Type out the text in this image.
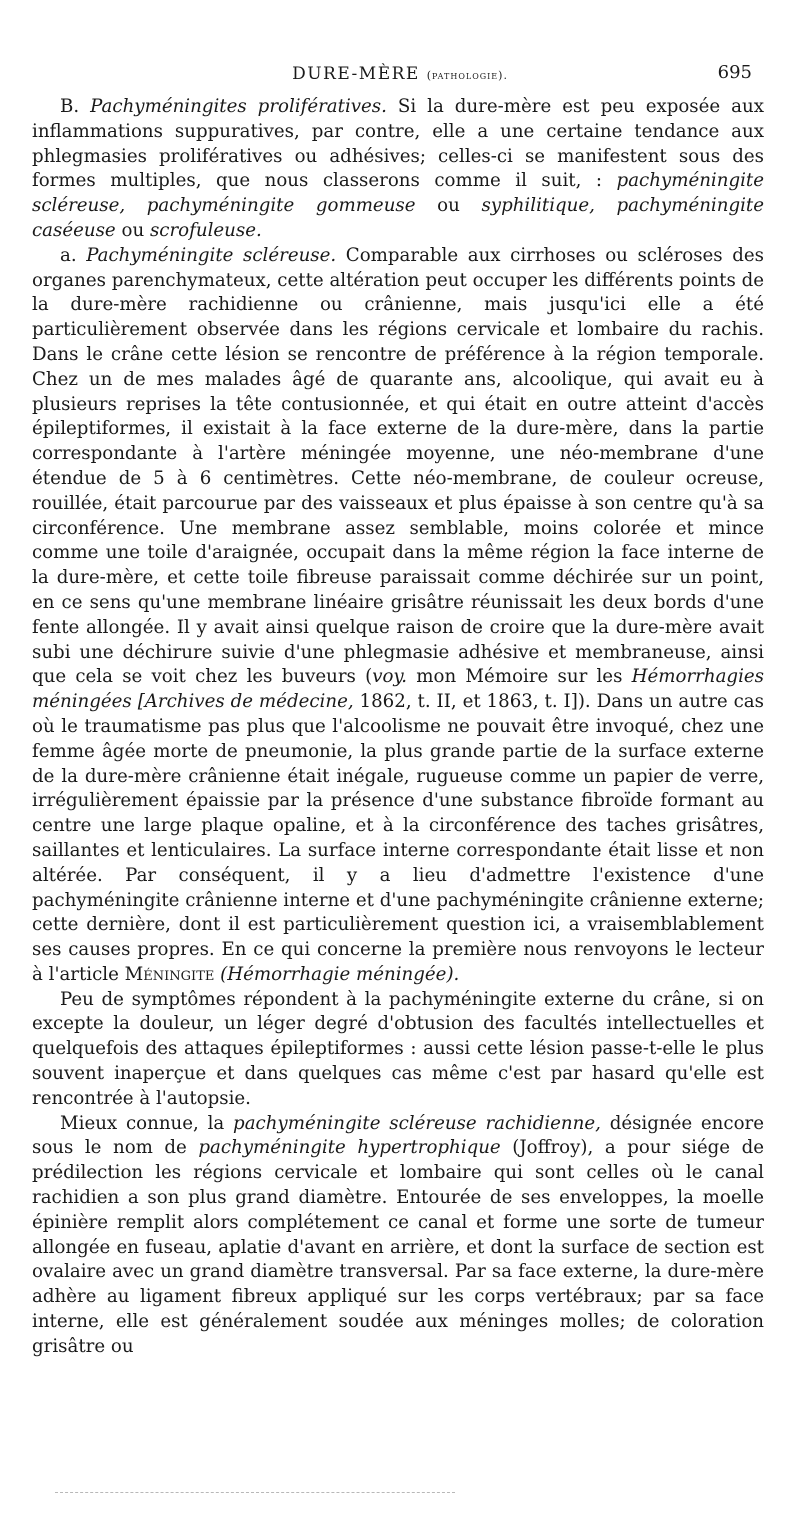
DURE-MÈRE (pathologie).	695

B. Pachyméningites prolifératives. Si la dure-mère est peu exposée aux inflammations suppuratives, par contre, elle a une certaine tendance aux phlegmasies prolifératives ou adhésives; celles-ci se manifestent sous des formes multiples, que nous classerons comme il suit, : pachyméningite scléreuse, pachyméningite gommeuse ou syphilitique, pachyméningite caséeuse ou scrofuleuse.

a. Pachyméningite scléreuse. Comparable aux cirrhoses ou scléroses des organes parenchymateux, cette altération peut occuper les différents points de la dure-mère rachidienne ou crânienne, mais jusqu'ici elle a été particulièrement observée dans les régions cervicale et lombaire du rachis. Dans le crâne cette lésion se rencontre de préférence à la région temporale. Chez un de mes malades âgé de quarante ans, alcoolique, qui avait eu à plusieurs reprises la tête contusionnée, et qui était en outre atteint d'accès épileptiformes, il existait à la face externe de la dure-mère, dans la partie correspondante à l'artère méningée moyenne, une néo-membrane d'une étendue de 5 à 6 centimètres. Cette néo-membrane, de couleur ocreuse, rouillée, était parcourue par des vaisseaux et plus épaisse à son centre qu'à sa circonférence. Une membrane assez semblable, moins colorée et mince comme une toile d'araignée, occupait dans la même région la face interne de la dure-mère, et cette toile fibreuse paraissait comme déchirée sur un point, en ce sens qu'une membrane linéaire grisâtre réunissait les deux bords d'une fente allongée. Il y avait ainsi quelque raison de croire que la dure-mère avait subi une déchirure suivie d'une phlegmasie adhésive et membraneuse, ainsi que cela se voit chez les buveurs (voy. mon Mémoire sur les Hémorrhagies méningées [Archives de médecine, 1862, t. II, et 1863, t. I]). Dans un autre cas où le traumatisme pas plus que l'alcoolisme ne pouvait être invoqué, chez une femme âgée morte de pneumonie, la plus grande partie de la surface externe de la dure-mère crânienne était inégale, rugueuse comme un papier de verre, irrégulièrement épaissie par la présence d'une substance fibroïde formant au centre une large plaque opaline, et à la circonférence des taches grisâtres, saillantes et lenticulaires. La surface interne correspondante était lisse et non altérée. Par conséquent, il y a lieu d'admettre l'existence d'une pachyméningite crânienne interne et d'une pachyméningite crânienne externe; cette dernière, dont il est particulièrement question ici, a vraisemblablement ses causes propres. En ce qui concerne la première nous renvoyons le lecteur à l'article Méningite (Hémorrhagie méningée).

Peu de symptômes répondent à la pachyméningite externe du crâne, si on excepte la douleur, un léger degré d'obtusion des facultés intellectuelles et quelquefois des attaques épileptiformes : aussi cette lésion passe-t-elle le plus souvent inaperçue et dans quelques cas même c'est par hasard qu'elle est rencontrée à l'autopsie.

Mieux connue, la pachyméningite scléreuse rachidienne, désignée encore sous le nom de pachyméningite hypertrophique (Joffroy), a pour siége de prédilection les régions cervicale et lombaire qui sont celles où le canal rachidien a son plus grand diamètre. Entourée de ses enveloppes, la moelle épinière remplit alors complétement ce canal et forme une sorte de tumeur allongée en fuseau, aplatie d'avant en arrière, et dont la surface de section est ovalaire avec un grand diamètre transversal. Par sa face externe, la dure-mère adhère au ligament fibreux appliqué sur les corps vertébraux; par sa face interne, elle est généralement soudée aux méninges molles; de coloration grisâtre ou
